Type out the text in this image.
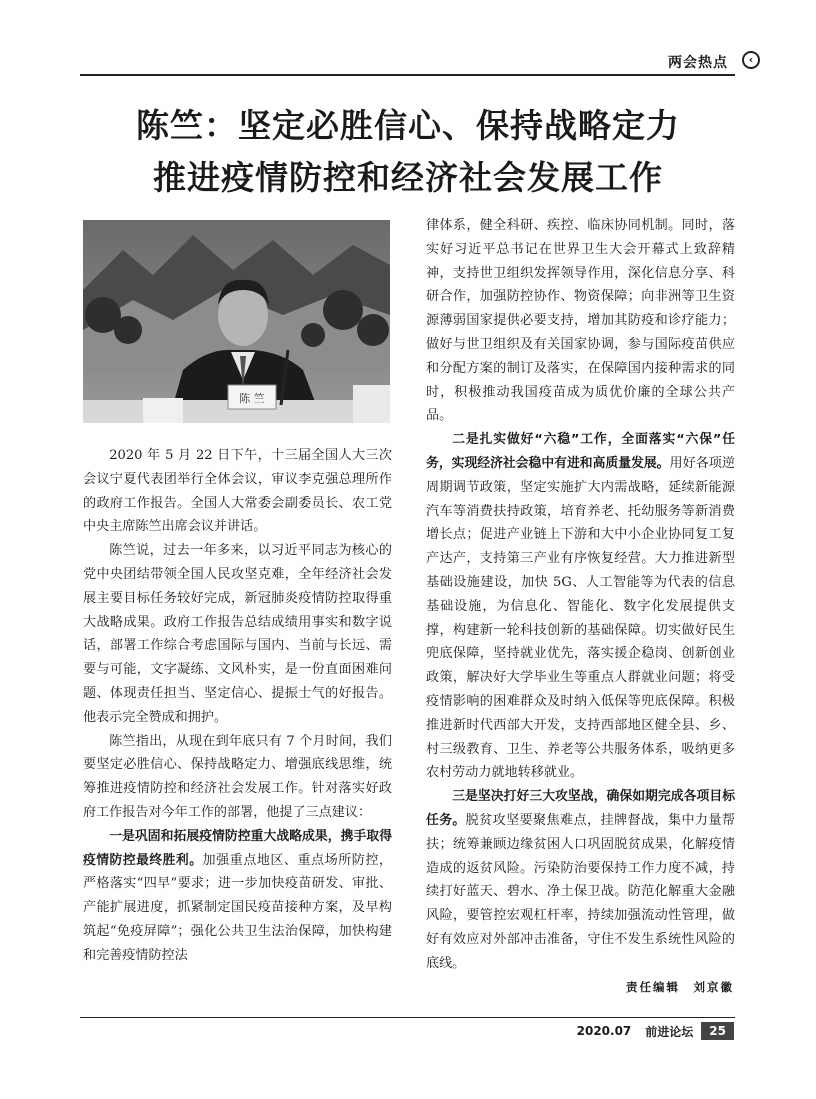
两会热点	‹
陈竺：坚定必胜信心、保持战略定力
推进疫情防控和经济社会发展工作
陈 竺

2020 年 5 月 22 日下午，十三届全国人大三次会议宁夏代表团举行全体会议，审议李克强总理所作的政府工作报告。全国人大常委会副委员长、农工党中央主席陈竺出席会议并讲话。

陈竺说，过去一年多来，以习近平同志为核心的党中央团结带领全国人民攻坚克难，全年经济社会发展主要目标任务较好完成，新冠肺炎疫情防控取得重大战略成果。政府工作报告总结成绩用事实和数字说话，部署工作综合考虑国际与国内、当前与长远、需要与可能，文字凝练、文风朴实，是一份直面困难问题、体现责任担当、坚定信心、提振士气的好报告。他表示完全赞成和拥护。

陈竺指出，从现在到年底只有 7 个月时间，我们要坚定必胜信心、保持战略定力、增强底线思维，统筹推进疫情防控和经济社会发展工作。针对落实好政府工作报告对今年工作的部署，他提了三点建议：

一是巩固和拓展疫情防控重大战略成果，携手取得疫情防控最终胜利。加强重点地区、重点场所防控，严格落实“四早”要求；进一步加快疫苗研发、审批、产能扩展进度，抓紧制定国民疫苗接种方案，及早构筑起“免疫屏障”；强化公共卫生法治保障，加快构建和完善疫情防控法

律体系，健全科研、疾控、临床协同机制。同时，落实好习近平总书记在世界卫生大会开幕式上致辞精神，支持世卫组织发挥领导作用，深化信息分享、科研合作，加强防控协作、物资保障；向非洲等卫生资源薄弱国家提供必要支持，增加其防疫和诊疗能力；做好与世卫组织及有关国家协调，参与国际疫苗供应和分配方案的制订及落实，在保障国内接种需求的同时，积极推动我国疫苗成为质优价廉的全球公共产品。

二是扎实做好“六稳”工作，全面落实“六保”任务，实现经济社会稳中有进和高质量发展。用好各项逆周期调节政策，坚定实施扩大内需战略，延续新能源汽车等消费扶持政策，培育养老、托幼服务等新消费增长点；促进产业链上下游和大中小企业协同复工复产达产，支持第三产业有序恢复经营。大力推进新型基础设施建设，加快 5G、人工智能等为代表的信息基础设施，为信息化、智能化、数字化发展提供支撑，构建新一轮科技创新的基础保障。切实做好民生兜底保障，坚持就业优先，落实援企稳岗、创新创业政策，解决好大学毕业生等重点人群就业问题；将受疫情影响的困难群众及时纳入低保等兜底保障。积极推进新时代西部大开发，支持西部地区健全县、乡、村三级教育、卫生、养老等公共服务体系，吸纳更多农村劳动力就地转移就业。

三是坚决打好三大攻坚战，确保如期完成各项目标任务。脱贫攻坚要聚焦难点，挂牌督战，集中力量帮扶；统筹兼顾边缘贫困人口巩固脱贫成果，化解疫情造成的返贫风险。污染防治要保持工作力度不减，持续打好蓝天、碧水、净土保卫战。防范化解重大金融风险，要管控宏观杠杆率，持续加强流动性管理，做好有效应对外部冲击准备，守住不发生系统性风险的底线。

责任编辑　刘京徽
2020.07 前进论坛	25
